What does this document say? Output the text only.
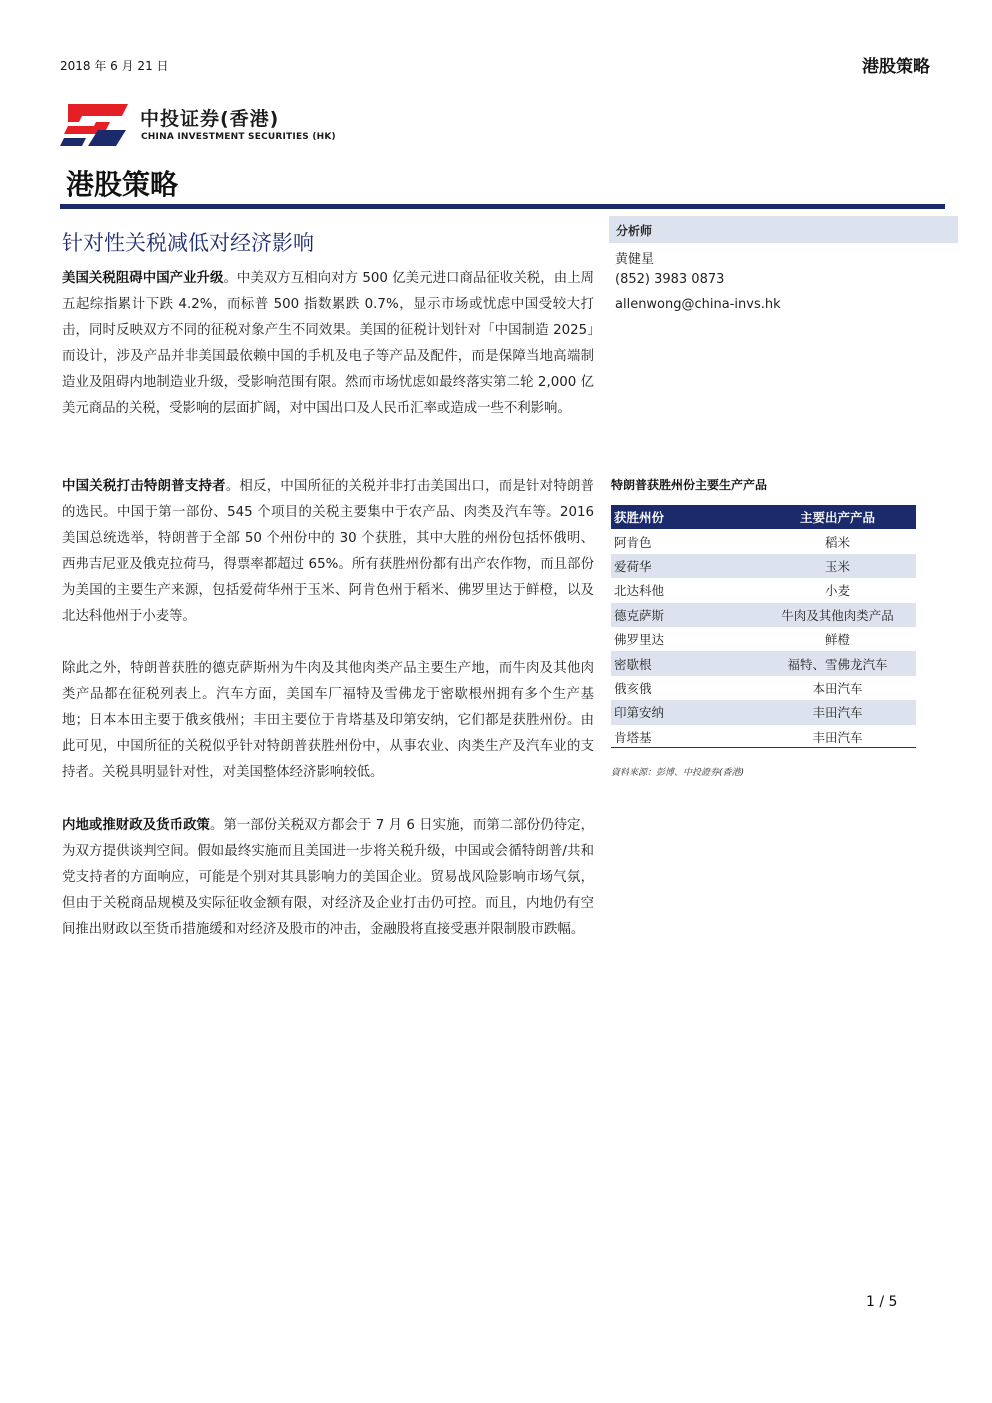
2018 年 6 月 21 日	港股策略
中投证券(香港)
CHINA INVESTMENT SECURITIES (HK)
港股策略
针对性关税减低对经济影响
美国关税阻碍中国产业升级。中美双方互相向对方 500 亿美元进口商品征收关税，由上周五起综指累计下跌 4.2%，而标普 500 指数累跌 0.7%，显示市场或忧虑中国受较大打击，同时反映双方不同的征税对象产生不同效果。美国的征税计划针对「中国制造 2025」而设计，涉及产品并非美国最依赖中国的手机及电子等产品及配件，而是保障当地高端制造业及阻碍内地制造业升级，受影响范围有限。然而市场忧虑如最终落实第二轮 2,000 亿美元商品的关税，受影响的层面扩阔，对中国出口及人民币汇率或造成一些不利影响。
中国关税打击特朗普支持者。相反，中国所征的关税并非打击美国出口，而是针对特朗普的选民。中国于第一部份、545 个项目的关税主要集中于农产品、肉类及汽车等。2016 美国总统选举，特朗普于全部 50 个州份中的 30 个获胜，其中大胜的州份包括怀俄明、西弗吉尼亚及俄克拉荷马，得票率都超过 65%。所有获胜州份都有出产农作物，而且部份为美国的主要生产来源，包括爱荷华州于玉米、阿肯色州于稻米、佛罗里达于鲜橙，以及北达科他州于小麦等。
除此之外，特朗普获胜的德克萨斯州为牛肉及其他肉类产品主要生产地，而牛肉及其他肉类产品都在征税列表上。汽车方面，美国车厂福特及雪佛龙于密歇根州拥有多个生产基地；日本本田主要于俄亥俄州；丰田主要位于肯塔基及印第安纳，它们都是获胜州份。由此可见，中国所征的关税似乎针对特朗普获胜州份中，从事农业、肉类生产及汽车业的支持者。关税具明显针对性，对美国整体经济影响较低。
内地或推财政及货币政策。第一部份关税双方都会于 7 月 6 日实施，而第二部份仍待定，为双方提供谈判空间。假如最终实施而且美国进一步将关税升级，中国或会循特朗普/共和党支持者的方面响应，可能是个别对其具影响力的美国企业。贸易战风险影响市场气氛，但由于关税商品规模及实际征收金额有限，对经济及企业打击仍可控。而且，内地仍有空间推出财政以至货币措施缓和对经济及股市的冲击，金融股将直接受惠并限制股市跌幅。
分析师
黄健星
(852) 3983 0873
allenwong@china-invs.hk
特朗普获胜州份主要生产产品
获胜州份	主要出产产品
阿肯色	稻米
爱荷华	玉米
北达科他	小麦
德克萨斯	牛肉及其他肉类产品
佛罗里达	鲜橙
密歇根	福特、雪佛龙汽车
俄亥俄	本田汽车
印第安纳	丰田汽车
肯塔基	丰田汽车
資料來源：彭博、中投證券(香港)
1 / 5
